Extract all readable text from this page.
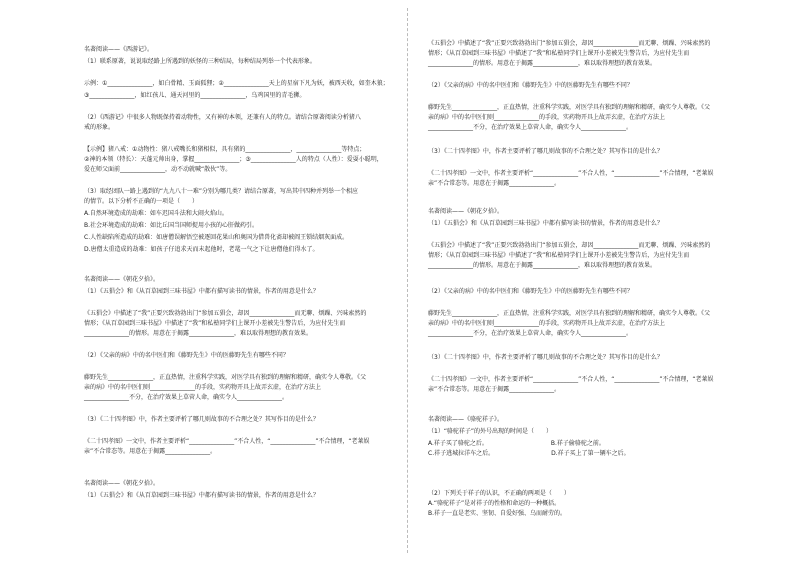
名著阅读——《西游记》。
（1）联系原著，说说取经路上所遇到的妖怪的三种结局，每种结局列举一个代表形象。
示例：①_______________，如白骨精、玉面狐狸；②_______________天上的星宿下凡为妖，被西天收，如奎木狼；
③_______________，如红孩儿、通天河里的_______________，乌鸡国里的青毛狮。
（2）《西游记》中很多人物既保持着动物性，又有神的本领，还兼有人的特点。请结合原著阅读分析猪八
戒的形象。
【示例】猪八戒：①动物性：猪八戒嘴长和猪相似，具有猪的_______________，_______________等特点；
②神的本领（特长）：天蓬元帅出身，掌握_______________；③_______________人的特点（人性）：爱耍小聪明，
爱在师父面前_______________，动不动就喊“散伙”等。
（3）取经团队一路上遇到的“九九八十一难”分别为哪几类？请结合原著，写出其中四种并列举一个相应
的情节。以下分析不正确的一项是（　　）
A.自然环境造成的劫难：如车迟国斗法和大闹火焰山。
B.社会环境造成的劫难：如比丘国当国师捉用小孩的心肝做药引。
C.人性缺陷所造成的劫难：如唐僧误解悟空被逐回花果山和奥国为借兽化斋却被阎王锁结烟灰面成。
D.唐僧太重造成的劫难：如孩子仔追求天而未起他时，老鼋一气之下让唐僧他们得水了。
名著阅读——《朝花夕拾》。
（1）《五猖会》和《从百草园到三味书屋》中都有描写读书的情景，作者的用意是什么？
《五猖会》中描述了“我”正要兴致勃勃出门“参加五猖会，却因_______________而无聊、烦躁、兴味索然的
情形；《从百草园到三味书屋》中描述了“我”和私塾同学们上课开小差被先生警告后，为应付先生而
_______________的情形。用意在于揭露_______________，难以取得理想的教育效果。
（2）《父亲的病》中的名中医们和《藤野先生》中的医藤野先生有哪些不同？
藤野先生_______________，正直热情，注重科学实践，对医学具有独到的理解和精研，确实令人尊敬。《父
亲的病》中的名中医们则_______________的手段，实药物开具上故弄玄虚，在治疗方法上
_______________不分，在治疗效果上草菅人命，确实令人_______________。
（3）《二十四孝图》中，作者主要评析了哪几则故事的不合理之处？其写作目的是什么？
《二十四孝图》一文中，作者主要评析“_______________”不合人性，“_______________”不合情理，“老莱娱
亲”不合常态等。用意在于揭露_______________。
名著阅读——《朝花夕拾》。
（1）《五猖会》和《从百草园到三味书屋》中都有描写读书的情景，作者的用意是什么？
《五猖会》中描述了“我”正要兴致勃勃出门“参加五猖会，却因_______________而无聊、烦躁、兴味索然的
情形；《从百草园到三味书屋》中描述了“我”和私塾同学们上课开小差被先生警告后，为应付先生而
_______________的情形。用意在于揭露_______________，难以取得理想的教育效果。
（2）《父亲的病》中的名中医们和《藤野先生》中的医藤野先生有哪些不同？
藤野先生_______________，正直热情，注重科学实践，对医学具有独到的理解和精研，确实令人尊敬。《父
亲的病》中的名中医们则_______________的手段，实药物开具上故弄玄虚，在治疗方法上
_______________不分，在治疗效果上草菅人命，确实令人_______________。
（3）《二十四孝图》中，作者主要评析了哪几则故事的不合理之处？其写作目的是什么？
《二十四孝图》一文中，作者主要评析“_______________”不合人性，“_______________”不合情理，“老莱娱
亲”不合常态等。用意在于揭露_______________。
名著阅读——《朝花夕拾》。
（1）《五猖会》和《从百草园到三味书屋》中都有描写读书的情景，作者的用意是什么？
《五猖会》中描述了“我”正要兴致勃勃出门“参加五猖会，却因_______________而无聊、烦躁、兴味索然的
情形；《从百草园到三味书屋》中描述了“我”和私塾同学们上课开小差被先生警告后，为应付先生而
_______________的情形。用意在于揭露_______________，难以取得理想的教育效果。
（2）《父亲的病》中的名中医们和《藤野先生》中的医藤野先生有哪些不同？
藤野先生_______________，正直热情，注重科学实践，对医学具有独到的理解和精研，确实令人尊敬。《父
亲的病》中的名中医们则_______________的手段，实药物开具上故弄玄虚，在治疗方法上
_______________不分，在治疗效果上草菅人命，确实令人_______________。
（3）《二十四孝图》中，作者主要评析了哪几则故事的不合理之处？其写作目的是什么？
《二十四孝图》一文中，作者主要评析“_______________”不合人性，“_______________”不合情理，“老莱娱
亲”不合常态等。用意在于揭露_______________。
名著阅读——《骆驼祥子》。
（1）“骆驼祥子”的外号出现的时间是（　　）
A.祥子买了骆驼之后。　　　　　　　　　　　B.祥子偷骆驼之前。
C.祥子逃城拉洋车之后。　　　　　　　　　　D.祥子买上了第一辆车之后。
（2）下列关于祥子的认识，不正确的两项是（　　）
A.“骆驼祥子”是对祥子的性格和命运的一种概括。
B.祥子一直是老实、坚韧、自爱好强、乌而耐劳的。
